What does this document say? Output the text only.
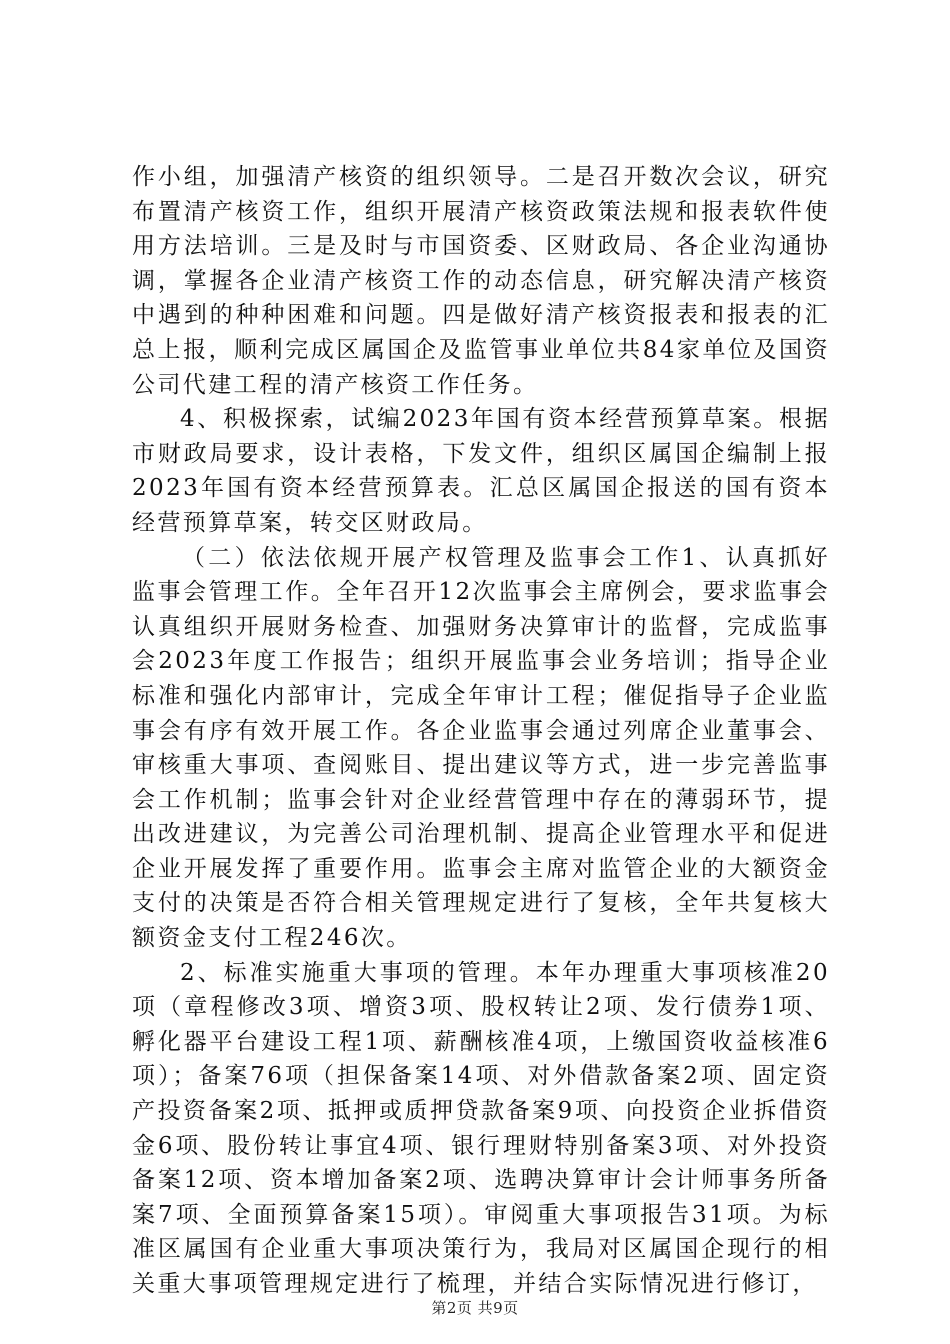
作小组，加强清产核资的组织领导。二是召开数次会议，研究布置清产核资工作，组织开展清产核资政策法规和报表软件使用方法培训。三是及时与市国资委、区财政局、各企业沟通协调，掌握各企业清产核资工作的动态信息，研究解决清产核资中遇到的种种困难和问题。四是做好清产核资报表和报表的汇总上报，顺利完成区属国企及监管事业单位共84家单位及国资公司代建工程的清产核资工作任务。

4、积极探索，试编2023年国有资本经营预算草案。根据市财政局要求，设计表格，下发文件，组织区属国企编制上报2023年国有资本经营预算表。汇总区属国企报送的国有资本经营预算草案，转交区财政局。

（二）依法依规开展产权管理及监事会工作1、认真抓好监事会管理工作。全年召开12次监事会主席例会，要求监事会认真组织开展财务检查、加强财务决算审计的监督，完成监事会2023年度工作报告；组织开展监事会业务培训；指导企业标准和强化内部审计，完成全年审计工程；催促指导子企业监事会有序有效开展工作。各企业监事会通过列席企业董事会、审核重大事项、查阅账目、提出建议等方式，进一步完善监事会工作机制；监事会针对企业经营管理中存在的薄弱环节，提出改进建议，为完善公司治理机制、提高企业管理水平和促进企业开展发挥了重要作用。监事会主席对监管企业的大额资金支付的决策是否符合相关管理规定进行了复核，全年共复核大额资金支付工程246次。

2、标准实施重大事项的管理。本年办理重大事项核准20项（章程修改3项、增资3项、股权转让2项、发行债券1项、孵化器平台建设工程1项、薪酬核准4项，上缴国资收益核准6项）；备案76项（担保备案14项、对外借款备案2项、固定资产投资备案2项、抵押或质押贷款备案9项、向投资企业拆借资金6项、股份转让事宜4项、银行理财特别备案3项、对外投资备案12项、资本增加备案2项、选聘决算审计会计师事务所备案7项、全面预算备案15项）。审阅重大事项报告31项。为标准区属国有企业重大事项决策行为，我局对区属国企现行的相关重大事项管理规定进行了梳理，并结合实际情况进行修订，

第2页 共9页
